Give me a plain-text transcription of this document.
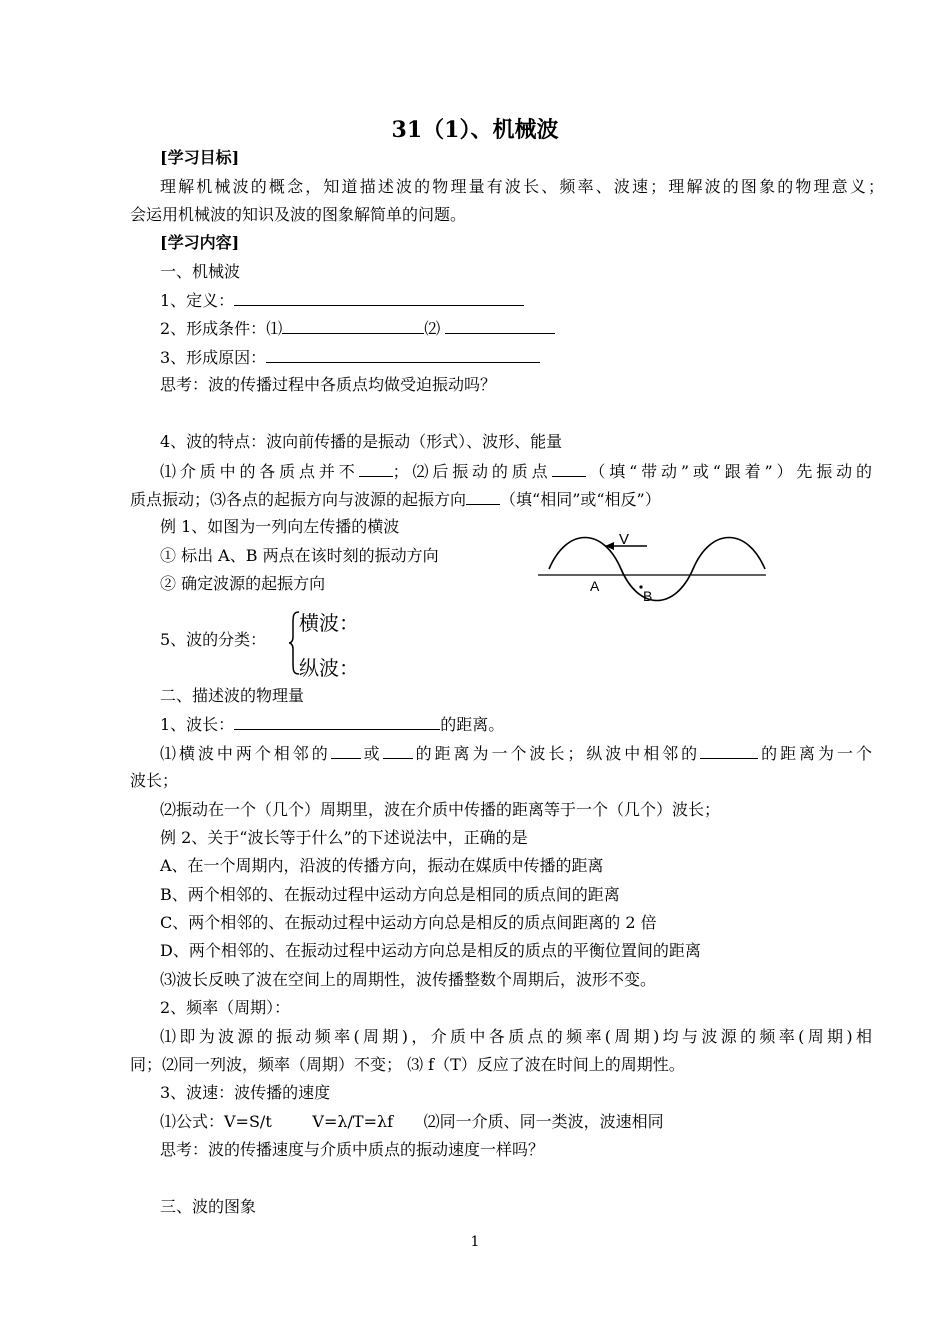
31（1）、机械波
[学习目标]
理解机械波的概念，知道描述波的物理量有波长、频率、波速；理解波的图象的物理意义；
会运用机械波的知识及波的图象解简单的问题。
[学习内容]
一、机械波
1、定义：
2、形成条件：⑴	⑵
3、形成原因：
思考：波的传播过程中各质点均做受迫振动吗？
4、波的特点：波向前传播的是振动（形式）、波形、能量
⑴介质中的各质点并不 ；⑵后振动的质点 （填“带动”或“跟着”）先振动的
质点振动；⑶各点的起振方向与波源的起振方向 （填“相同”或“相反”）
例 1、如图为一列向左传播的横波
① 标出 A、B 两点在该时刻的振动方向
② 确定波源的起振方向
V
A
B
5、波的分类：
横波：
纵波：
二、描述波的物理量
1、波长：	的距离。
⑴横波中两个相邻的 或 的距离为一个波长；纵波中相邻的	的距离为一个
波长；
⑵振动在一个（几个）周期里，波在介质中传播的距离等于一个（几个）波长；
例 2、关于“波长等于什么”的下述说法中，正确的是
A、在一个周期内，沿波的传播方向，振动在媒质中传播的距离
B、两个相邻的、在振动过程中运动方向总是相同的质点间的距离
C、两个相邻的、在振动过程中运动方向总是相反的质点间距离的 2 倍
D、两个相邻的、在振动过程中运动方向总是相反的质点的平衡位置间的距离
⑶波长反映了波在空间上的周期性，波传播整数个周期后，波形不变。
2、频率（周期）：
⑴即为波源的振动频率(周期)，介质中各质点的频率(周期)均与波源的频率(周期)相
同；⑵同一列波，频率（周期）不变； ⑶ f（T）反应了波在时间上的周期性。
3、波速：波传播的速度
⑴公式：V=S/t        V=λ/T=λf      ⑵同一介质、同一类波，波速相同
思考：波的传播速度与介质中质点的振动速度一样吗？
三、波的图象
1
